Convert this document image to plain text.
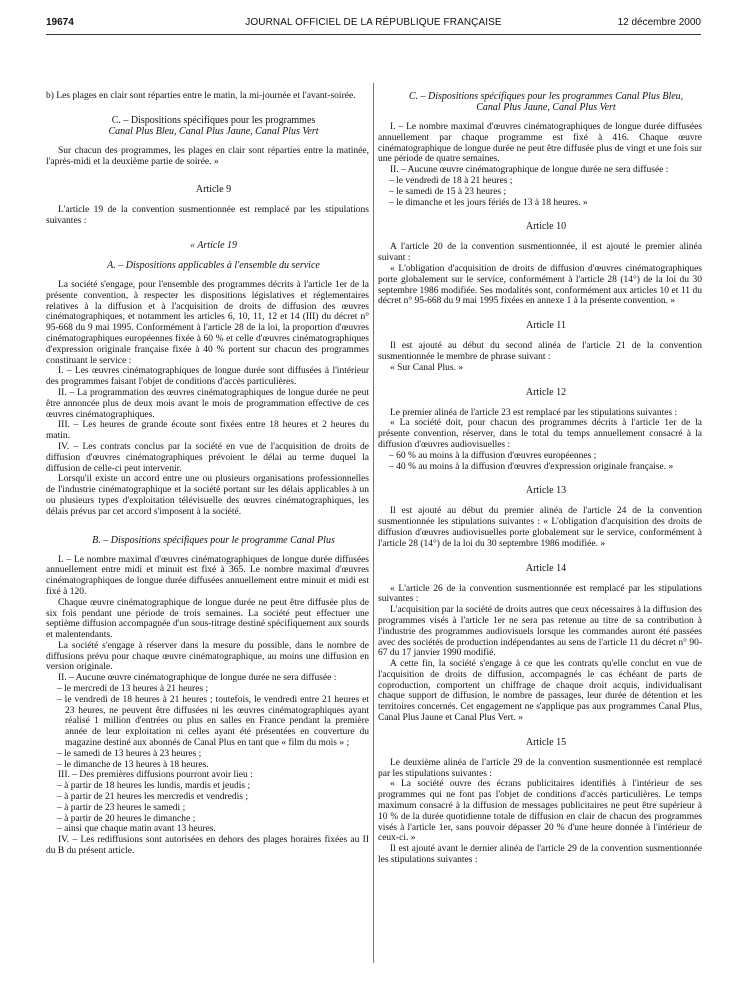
19674	JOURNAL OFFICIEL DE LA RÉPUBLIQUE FRANÇAISE	12 décembre 2000

b) Les plages en clair sont réparties entre le matin, la mi-journée et l'avant-soirée.

C. – Dispositions spécifiques pour les programmes

Canal Plus Bleu, Canal Plus Jaune, Canal Plus Vert

Sur chacun des programmes, les plages en clair sont réparties entre la matinée, l'après-midi et la deuxième partie de soirée. »

Article 9

L'article 19 de la convention susmentionnée est remplacé par les stipulations suivantes :

« Article 19

A. – Dispositions applicables à l'ensemble du service

La société s'engage, pour l'ensemble des programmes décrits à l'article 1er de la présente convention, à respecter les dispositions législatives et réglementaires relatives à la diffusion et à l'acquisition de droits de diffusion des œuvres cinématographiques, et notamment les articles 6, 10, 11, 12 et 14 (III) du décret n° 95-668 du 9 mai 1995. Conformément à l'article 28 de la loi, la proportion d'œuvres cinématographiques européennes fixée à 60 % et celle d'œuvres cinématographiques d'expression originale française fixée à 40 % portent sur chacun des programmes constituant le service :

I. – Les œuvres cinématographiques de longue durée sont diffusées à l'intérieur des programmes faisant l'objet de conditions d'accès particulières.

II. – La programmation des œuvres cinématographiques de longue durée ne peut être annoncée plus de deux mois avant le mois de programmation effective de ces œuvres cinématographiques.

III. – Les heures de grande écoute sont fixées entre 18 heures et 2 heures du matin.

IV. – Les contrats conclus par la société en vue de l'acquisition de droits de diffusion d'œuvres cinématographiques prévoient le délai au terme duquel la diffusion de celle-ci peut intervenir.

Lorsqu'il existe un accord entre une ou plusieurs organisations professionnelles de l'industrie cinématographique et la société portant sur les délais applicables à un ou plusieurs types d'exploitation télévisuelle des œuvres cinématographiques, les délais prévus par cet accord s'imposent à la société.

B. – Dispositions spécifiques pour le programme Canal Plus

I. – Le nombre maximal d'œuvres cinématographiques de longue durée diffusées annuellement entre midi et minuit est fixé à 365. Le nombre maximal d'œuvres cinématographiques de longue durée diffusées annuellement entre minuit et midi est fixé à 120.

Chaque œuvre cinématographique de longue durée ne peut être diffusée plus de six fois pendant une période de trois semaines. La société peut effectuer une septième diffusion accompagnée d'un sous-titrage destiné spécifiquement aux sourds et malentendants.

La société s'engage à réserver dans la mesure du possible, dans le nombre de diffusions prévu pour chaque œuvre cinématographique, au moins une diffusion en version originale.

II. – Aucune œuvre cinématographique de longue durée ne sera diffusée :

– le mercredi de 13 heures à 21 heures ;

– le vendredi de 18 heures à 21 heures ; toutefois, le vendredi entre 21 heures et 23 heures, ne peuvent être diffusées ni les œuvres cinématographiques ayant réalisé 1 million d'entrées ou plus en salles en France pendant la première année de leur exploitation ni celles ayant été présentées en couverture du magazine destiné aux abonnés de Canal Plus en tant que « film du mois » ;

– le samedi de 13 heures à 23 heures ;

– le dimanche de 13 heures à 18 heures.

III. – Des premières diffusions pourront avoir lieu :

– à partir de 18 heures les lundis, mardis et jeudis ;

– à partir de 21 heures les mercredis et vendredis ;

– à partir de 23 heures le samedi ;

– à partir de 20 heures le dimanche ;

– ainsi que chaque matin avant 13 heures.

IV. – Les rediffusions sont autorisées en dehors des plages horaires fixées au II du B du présent article.

C. – Dispositions spécifiques pour les programmes Canal Plus Bleu,

Canal Plus Jaune, Canal Plus Vert

I. – Le nombre maximal d'œuvres cinématographiques de longue durée diffusées annuellement par chaque programme est fixé à 416. Chaque œuvre cinématographique de longue durée ne peut être diffusée plus de vingt et une fois sur une période de quatre semaines.

II. – Aucune œuvre cinématographique de longue durée ne sera diffusée :

– le vendredi de 18 à 21 heures ;

– le samedi de 15 à 23 heures ;

– le dimanche et les jours fériés de 13 à 18 heures. »

Article 10

A l'article 20 de la convention susmentionnée, il est ajouté le premier alinéa suivant :

« L'obligation d'acquisition de droits de diffusion d'œuvres cinématographiques porte globalement sur le service, conformément à l'article 28 (14°) de la loi du 30 septembre 1986 modifiée. Ses modalités sont, conformément aux articles 10 et 11 du décret n° 95-668 du 9 mai 1995 fixées en annexe 1 à la présente convention. »

Article 11

Il est ajouté au début du second alinéa de l'article 21 de la convention susmentionnée le membre de phrase suivant :

« Sur Canal Plus. »

Article 12

Le premier alinéa de l'article 23 est remplacé par les stipulations suivantes :

« La société doit, pour chacun des programmes décrits à l'article 1er de la présente convention, réserver, dans le total du temps annuellement consacré à la diffusion d'œuvres audiovisuelles :

– 60 % au moins à la diffusion d'œuvres européennes ;

– 40 % au moins à la diffusion d'œuvres d'expression originale française. »

Article 13

Il est ajouté au début du premier alinéa de l'article 24 de la convention susmentionnée les stipulations suivantes : « L'obligation d'acquisition des droits de diffusion d'œuvres audiovisuelles porte globalement sur le service, conformément à l'article 28 (14°) de la loi du 30 septembre 1986 modifiée. »

Article 14

« L'article 26 de la convention susmentionnée est remplacé par les stipulations suivantes :

L'acquisition par la société de droits autres que ceux nécessaires à la diffusion des programmes visés à l'article 1er ne sera pas retenue au titre de sa contribution à l'industrie des programmes audiovisuels lorsque les commandes auront été passées avec des sociétés de production indépendantes au sens de l'article 11 du décret n° 90-67 du 17 janvier 1990 modifié.

A cette fin, la société s'engage à ce que les contrats qu'elle conclut en vue de l'acquisition de droits de diffusion, accompagnés le cas échéant de parts de coproduction, comportent un chiffrage de chaque droit acquis, individualisant chaque support de diffusion, le nombre de passages, leur durée de détention et les territoires concernés. Cet engagement ne s'applique pas aux programmes Canal Plus, Canal Plus Jaune et Canal Plus Vert. »

Article 15

Le deuxième alinéa de l'article 29 de la convention susmentionnée est remplacé par les stipulations suivantes :

« La société ouvre des écrans publicitaires identifiés à l'intérieur de ses programmes qui ne font pas l'objet de conditions d'accès particulières. Le temps maximum consacré à la diffusion de messages publicitaires ne peut être supérieur à 10 % de la durée quotidienne totale de diffusion en clair de chacun des programmes visés à l'article 1er, sans pouvoir dépasser 20 % d'une heure donnée à l'intérieur de ceux-ci. »

Il est ajouté avant le dernier alinéa de l'article 29 de la convention susmentionnée les stipulations suivantes :
